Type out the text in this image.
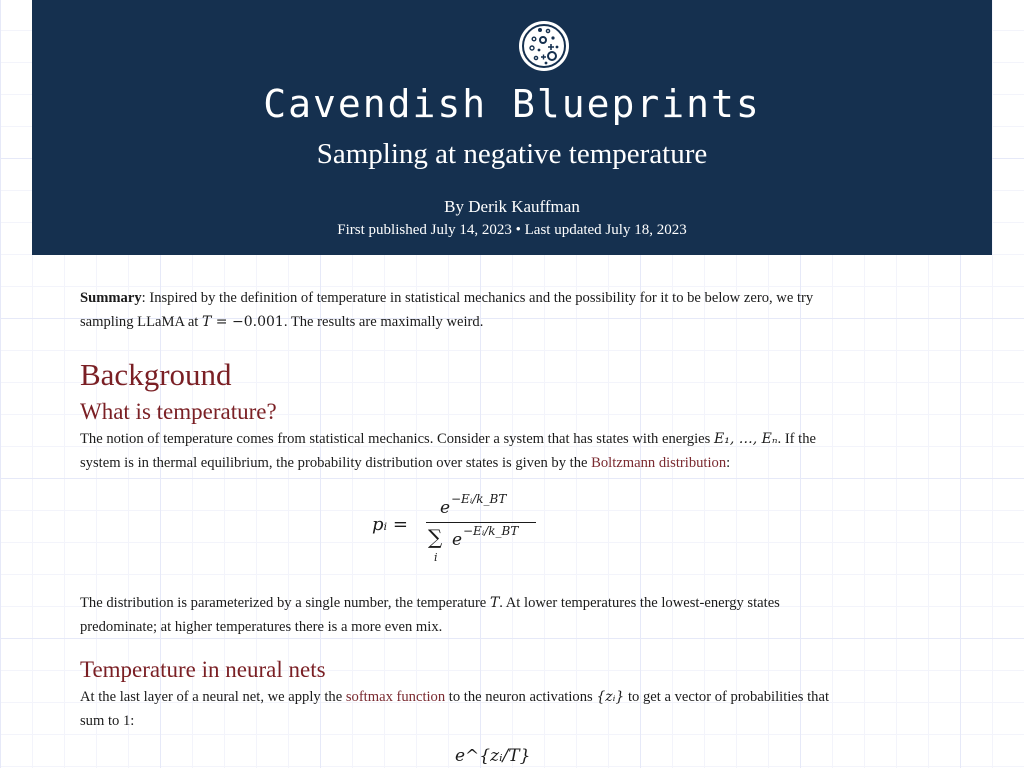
Cavendish Blueprints
Sampling at negative temperature
By Derik Kauffman
First published July 14, 2023 • Last updated July 18, 2023

Summary: Inspired by the definition of temperature in statistical mechanics and the possibility for it to be below zero, we try sampling LLaMA at T = −0.001. The results are maximally weird.

Background
What is temperature?

The notion of temperature comes from statistical mechanics. Consider a system that has states with energies E₁, …, Eₙ. If the system is in thermal equilibrium, the probability distribution over states is given by the Boltzmann distribution:

pᵢ =
e −Eᵢ/k_BT
∑
i
e −Eᵢ/k_BT

The distribution is parameterized by a single number, the temperature T. At lower temperatures the lowest-energy states predominate; at higher temperatures there is a more even mix.

Temperature in neural nets

At the last layer of a neural net, we apply the softmax function to the neuron activations {zᵢ} to get a vector of probabilities that sum to 1:

e^{zᵢ/T}
